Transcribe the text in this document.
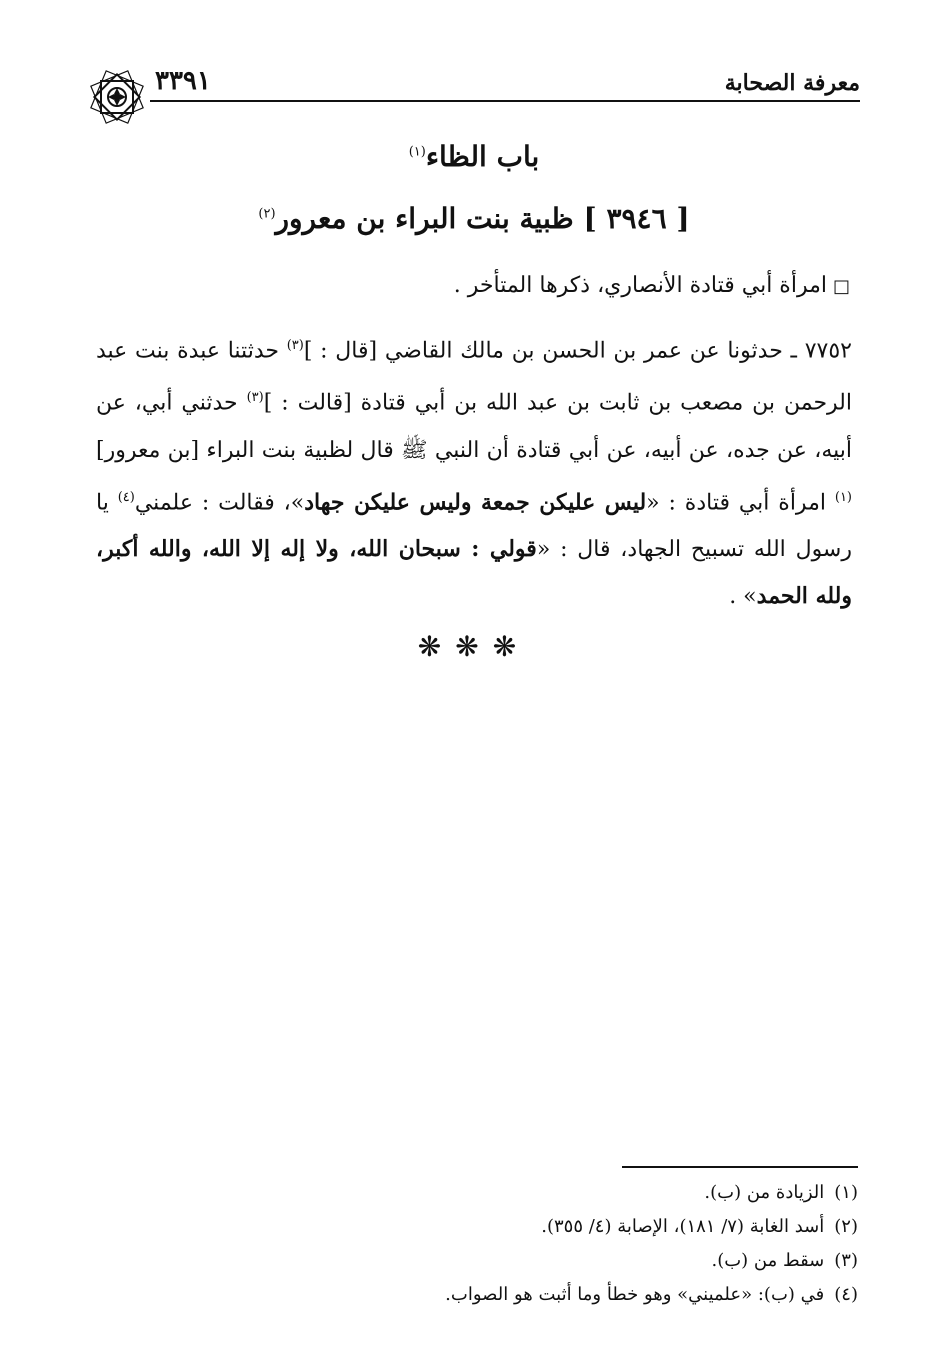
معرفة الصحابة
٣٣٩١
باب الظاء$^{(١)}$
[ ٣٩٤٦ ] ظبية بنت البراء بن معرور$^{(٢)}$
□امرأة أبي قتادة الأنصاري، ذكرها المتأخر .
٧٧٥٢ ـ حدثونا عن عمر بن الحسن بن مالك القاضي [قال : ]$^{(٣)}$ حدثتنا عبدة بنت عبد الرحمن بن مصعب بن ثابت بن عبد الله بن أبي قتادة [قالت : ]$^{(٣)}$ حدثني أبي، عن أبيه، عن جده، عن أبيه، عن أبي قتادة أن النبي ﷺ قال لظبية بنت البراء [بن معرور]$^{(١)}$ امرأة أبي قتادة : «ليس عليكن جمعة وليس عليكن جهاد»، فقالت : علمني$^{(٤)}$ يا رسول الله تسبيح الجهاد، قال : «قولي : سبحان الله، ولا إله إلا الله، والله أكبر، ولله الحمد» .
❋❋❋
(١)الزيادة من (ب).
(٢)أسد الغابة (٧/ ١٨١)، الإصابة (٤/ ٣٥٥).
(٣)سقط من (ب).
(٤)في (ب): «علميني» وهو خطأ وما أثبت هو الصواب.
